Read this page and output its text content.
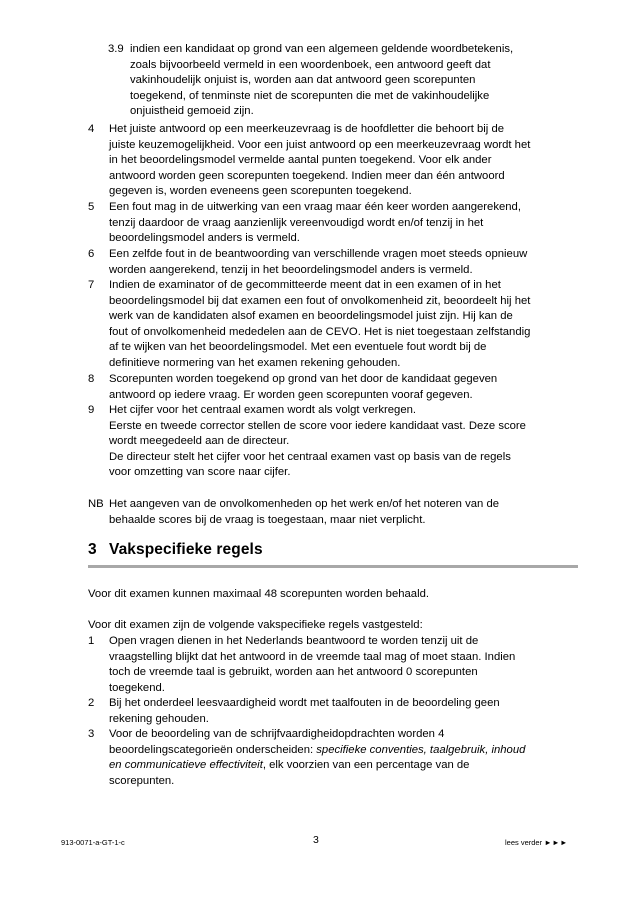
3.9 indien een kandidaat op grond van een algemeen geldende woordbetekenis,
zoals bijvoorbeeld vermeld in een woordenboek, een antwoord geeft dat
vakinhoudelijk onjuist is, worden aan dat antwoord geen scorepunten
toegekend, of tenminste niet de scorepunten die met de vakinhoudelijke
onjuistheid gemoeid zijn.
4 Het juiste antwoord op een meerkeuzevraag is de hoofdletter die behoort bij de
juiste keuzemogelijkheid. Voor een juist antwoord op een meerkeuzevraag wordt het
in het beoordelingsmodel vermelde aantal punten toegekend. Voor elk ander
antwoord worden geen scorepunten toegekend. Indien meer dan één antwoord
gegeven is, worden eveneens geen scorepunten toegekend.
5 Een fout mag in de uitwerking van een vraag maar één keer worden aangerekend,
tenzij daardoor de vraag aanzienlijk vereenvoudigd wordt en/of tenzij in het
beoordelingsmodel anders is vermeld.
6 Een zelfde fout in de beantwoording van verschillende vragen moet steeds opnieuw
worden aangerekend, tenzij in het beoordelingsmodel anders is vermeld.
7 Indien de examinator of de gecommitteerde meent dat in een examen of in het
beoordelingsmodel bij dat examen een fout of onvolkomenheid zit, beoordeelt hij het
werk van de kandidaten alsof examen en beoordelingsmodel juist zijn. Hij kan de
fout of onvolkomenheid mededelen aan de CEVO. Het is niet toegestaan zelfstandig
af te wijken van het beoordelingsmodel. Met een eventuele fout wordt bij de
definitieve normering van het examen rekening gehouden.
8 Scorepunten worden toegekend op grond van het door de kandidaat gegeven
antwoord op iedere vraag. Er worden geen scorepunten vooraf gegeven.
9 Het cijfer voor het centraal examen wordt als volgt verkregen.
Eerste en tweede corrector stellen de score voor iedere kandidaat vast. Deze score
wordt meegedeeld aan de directeur.
De directeur stelt het cijfer voor het centraal examen vast op basis van de regels
voor omzetting van score naar cijfer.
NB Het aangeven van de onvolkomenheden op het werk en/of het noteren van de
behaalde scores bij de vraag is toegestaan, maar niet verplicht.
3 Vakspecifieke regels
Voor dit examen kunnen maximaal 48 scorepunten worden behaald.
Voor dit examen zijn de volgende vakspecifieke regels vastgesteld:
1 Open vragen dienen in het Nederlands beantwoord te worden tenzij uit de
vraagstelling blijkt dat het antwoord in de vreemde taal mag of moet staan. Indien
toch de vreemde taal is gebruikt, worden aan het antwoord 0 scorepunten
toegekend.
2 Bij het onderdeel leesvaardigheid wordt met taalfouten in de beoordeling geen
rekening gehouden.
3 Voor de beoordeling van de schrijfvaardigheidopdrachten worden 4
beoordelingscategorieën onderscheiden: specifieke conventies, taalgebruik, inhoud
en communicatieve effectiviteit, elk voorzien van een percentage van de
scorepunten.
913-0071-a-GT-1-c	3	lees verder ►►►
